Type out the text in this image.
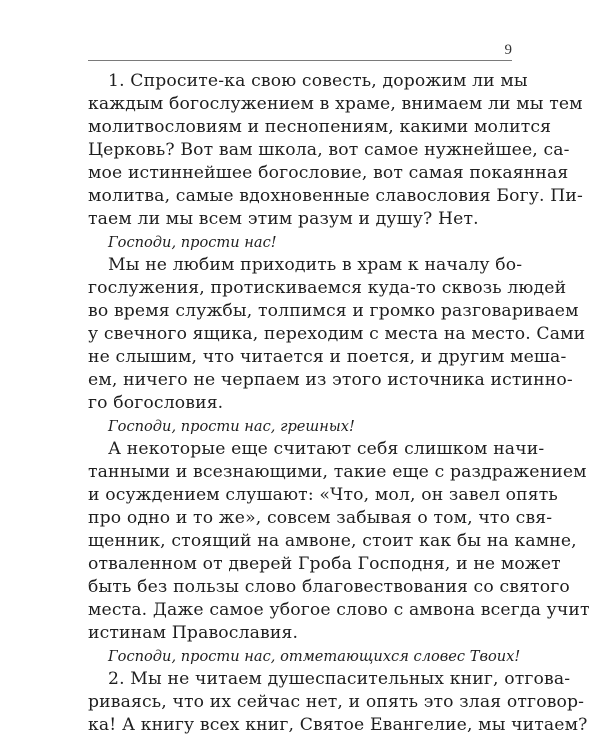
9
1. Спросите-ка свою совесть, дорожим ли мы
каждым богослужением в храме, внимаем ли мы тем
молитвословиям и песнопениям, какими молится
Церковь? Вот вам школа, вот самое нужнейшее, са-
мое истиннейшее богословие, вот самая покаянная
молитва, самые вдохновенные славословия Богу. Пи-
таем ли мы всем этим разум и душу? Нет.
Господи, прости нас!
Мы не любим приходить в храм к началу бо-
гослужения, протискиваемся куда-то сквозь людей
во время службы, толпимся и громко разговариваем
у свечного ящика, переходим с места на место. Сами
не слышим, что читается и поется, и другим меша-
ем, ничего не черпаем из этого источника истинно-
го богословия.
Господи, прости нас, грешных!
А некоторые еще считают себя слишком начи-
танными и всезнающими, такие еще с раздражением
и осуждением слушают: «Что, мол, он завел опять
про одно и то же», совсем забывая о том, что свя-
щенник, стоящий на амвоне, стоит как бы на камне,
отваленном от дверей Гроба Господня, и не может
быть без пользы слово благовествования со святого
места. Даже самое убогое слово с амвона всегда учит
истинам Православия.
Господи, прости нас, отметающихся словес Твоих!
2. Мы не читаем душеспасительных книг, отговa-
риваясь, что их сейчас нет, и опять это злая отговор-
ка! А книгу всех книг, Святое Евангелие, мы читаем?
